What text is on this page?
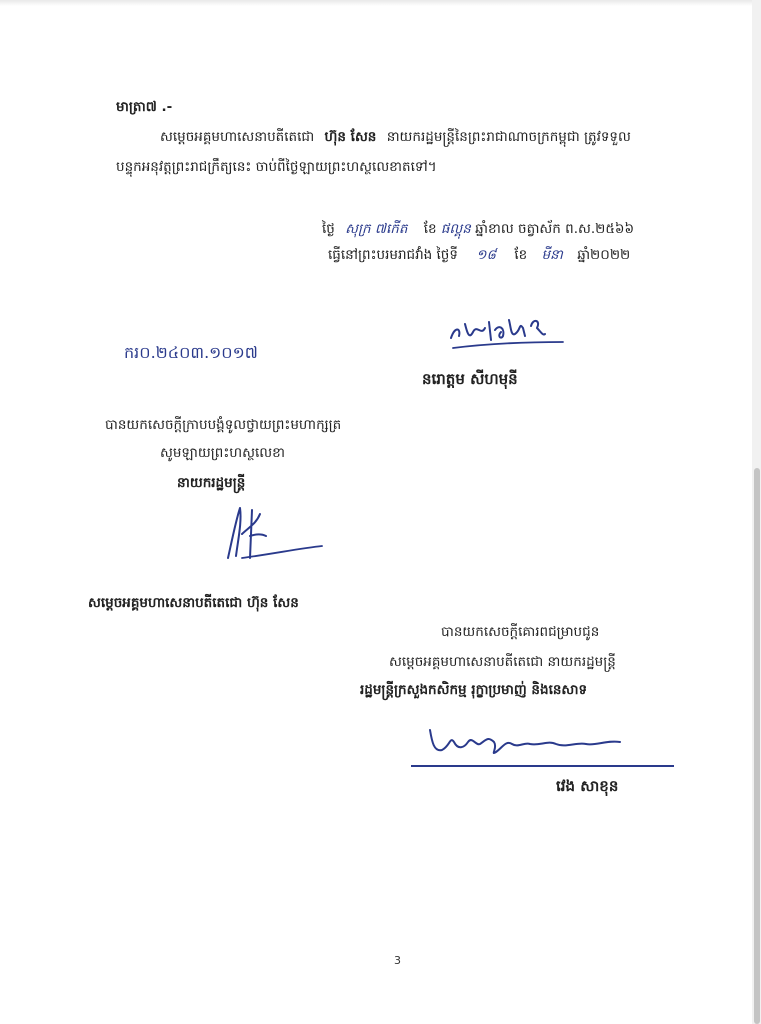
មាត្រា៧ .-
សម្ដេចអគ្គមហាសេនាបតីតេជោ ហ៊ុន សែន នាយករដ្ឋមន្ត្រីនៃព្រះរាជាណាចក្រកម្ពុជា ត្រូវទទួល
បន្ទុកអនុវត្តព្រះរាជក្រឹត្យនេះ ចាប់ពីថ្ងៃឡាយព្រះហស្ថលេខាតទៅ។
ថ្ងៃ សុក្រ ៧កេីត ខែ ផល្គុន ឆ្នាំខាល ចត្វាស័ក ព.ស.២៥៦៦
ធ្វើនៅព្រះបរមរាជវាំង ថ្ងៃទី ១៨ ខែ មីនា ឆ្នាំ២០២២
ករ០.២៤០៣.១០១៧
នរោត្តម សីហមុនី
បានយកសេចក្ដីក្រាបបង្គំទូលថ្វាយព្រះមហាក្សត្រ
សូមឡាយព្រះហស្ថលេខា
នាយករដ្ឋមន្ត្រី
សម្ដេចអគ្គមហាសេនាបតីតេជោ ហ៊ុន សែន
បានយកសេចក្ដីគោរពជម្រាបជូន
សម្ដេចអគ្គមហាសេនាបតីតេជោ នាយករដ្ឋមន្ត្រី
រដ្ឋមន្ត្រីក្រសួងកសិកម្ម រុក្ខាប្រមាញ់ និងនេសាទ
វេង សាខុន
3
